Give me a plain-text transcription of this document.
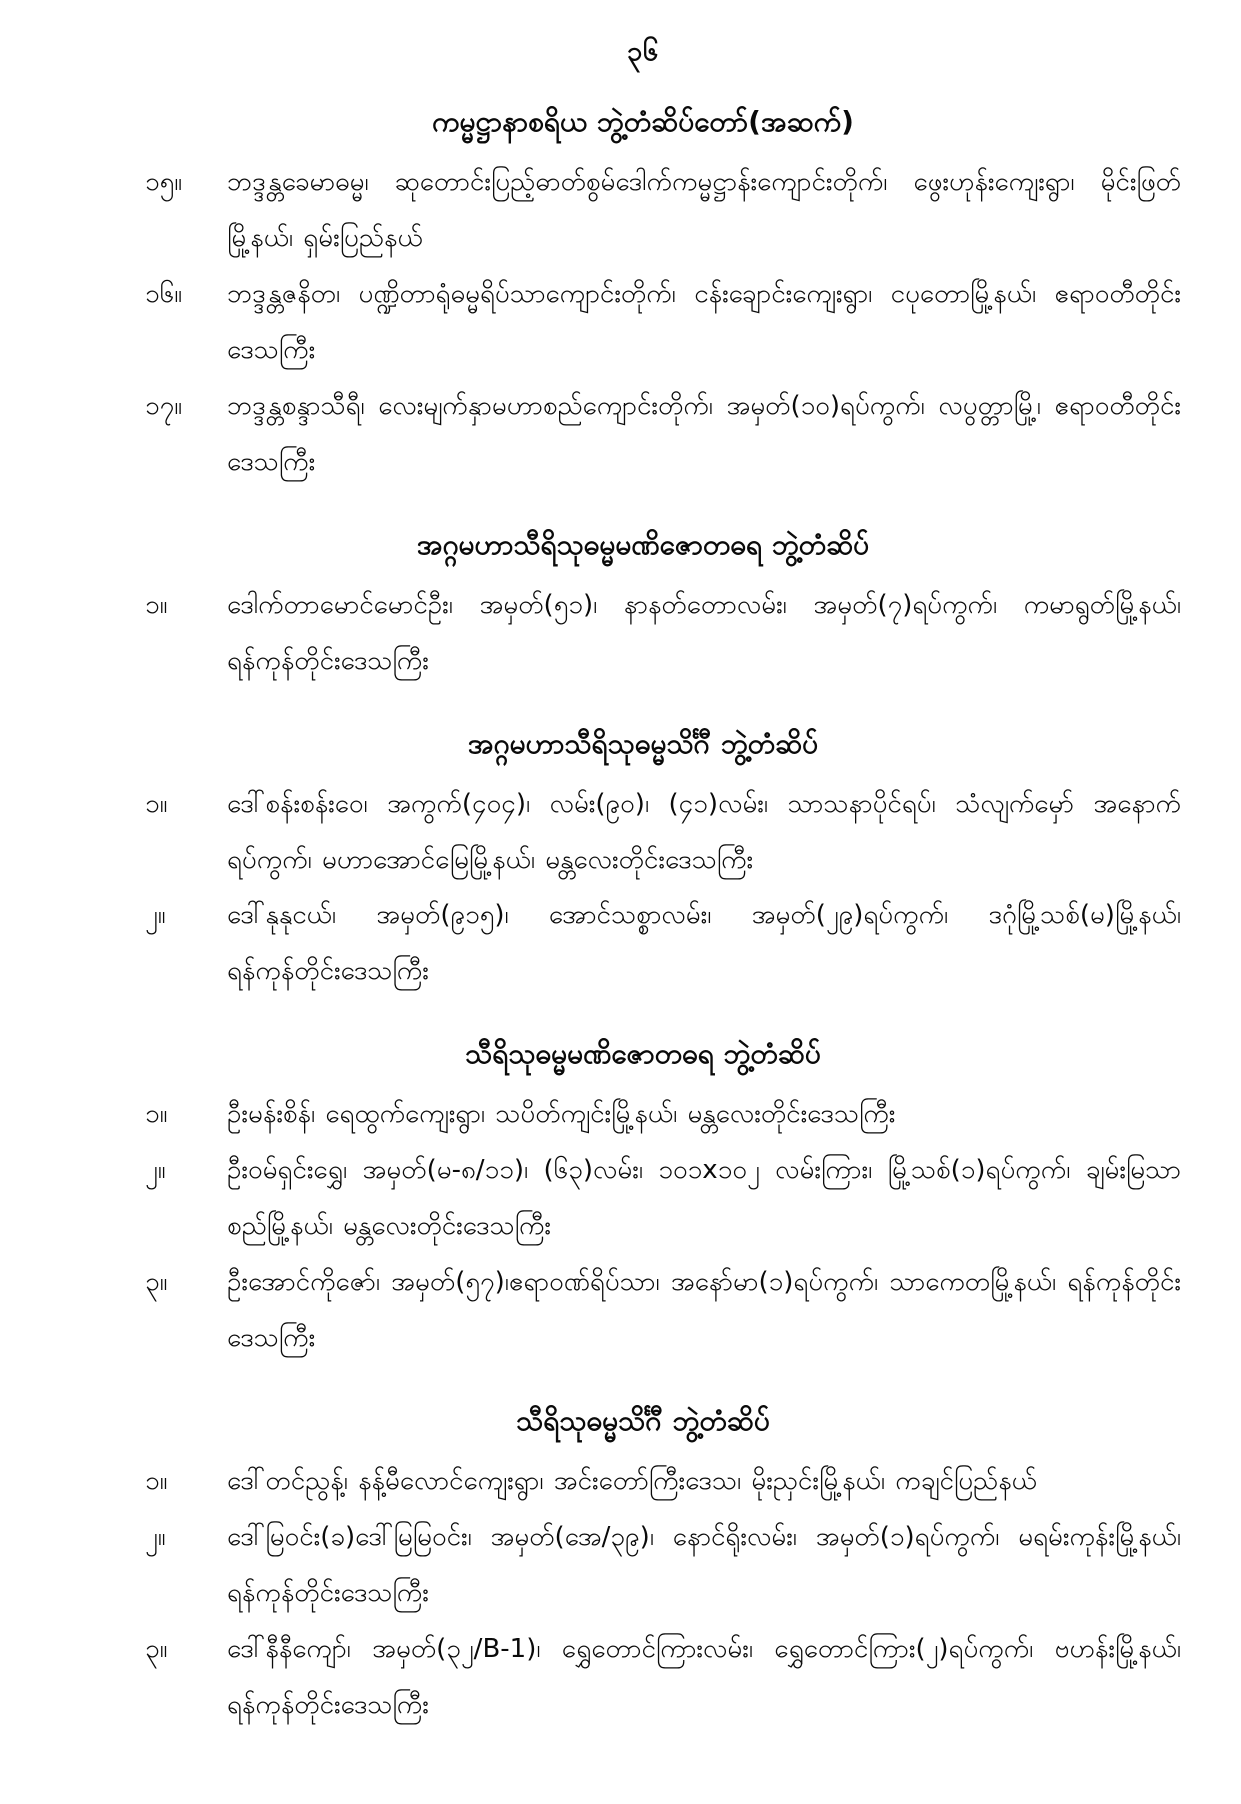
၃၆
ကမ္မဋ္ဌာနာစရိယ ဘွဲ့တံဆိပ်တော်(အဆက်)
၁၅။	ဘဒ္ဒန္တခေမာဓမ္မ၊ ဆုတောင်းပြည့်ဓာတ်စွမ်ဒေါက်ကမ္မဋ္ဌာန်းကျောင်းတိုက်၊ ဖွေးဟုန်းကျေးရွာ၊ မိုင်းဖြတ်မြို့နယ်၊ ရှမ်းပြည်နယ်
၁၆။	ဘဒ္ဒန္တဇနိတ၊ ပဏ္ဍိတာရုံဓမ္မရိပ်သာကျောင်းတိုက်၊ ငန်းချောင်းကျေးရွာ၊ ငပုတောမြို့နယ်၊ ဧရာဝတီတိုင်းဒေသကြီး
၁၇။	ဘဒ္ဒန္တစန္ဒာသီရီ၊ လေးမျက်နှာမဟာစည်ကျောင်းတိုက်၊ အမှတ်(၁၀)ရပ်ကွက်၊ လပွတ္တာမြို့၊ ဧရာဝတီတိုင်းဒေသကြီး
အဂ္ဂမဟာသီရိသုဓမ္မမဏိဇောတဓရ ဘွဲ့တံဆိပ်
၁။	ဒေါက်တာမောင်မောင်ဦး၊ အမှတ်(၅၁)၊ နာနတ်တောလမ်း၊ အမှတ်(၇)ရပ်ကွက်၊ ကမာရွတ်မြို့နယ်၊ ရန်ကုန်တိုင်းဒေသကြီး
အဂ္ဂမဟာသီရိသုဓမ္မသိင်္ဂီ ဘွဲ့တံဆိပ်
၁။	ဒေါ်စန်းစန်းဝေ၊ အကွက်(၄၀၄)၊ လမ်း(၉၀)၊ (၄၁)လမ်း၊ သာသနာပိုင်ရပ်၊ သံလျက်မှော် အနောက်ရပ်ကွက်၊ မဟာအောင်မြေမြို့နယ်၊ မန္တလေးတိုင်းဒေသကြီး
၂။	ဒေါ်နုနုငယ်၊ အမှတ်(၉၁၅)၊ အောင်သစ္စာလမ်း၊ အမှတ်(၂၉)ရပ်ကွက်၊ ဒဂုံမြို့သစ်(မ)မြို့နယ်၊ ရန်ကုန်တိုင်းဒေသကြီး
သီရိသုဓမ္မမဏိဇောတဓရ ဘွဲ့တံဆိပ်
၁။	ဦးမန်းစိန်၊ ရေထွက်ကျေးရွာ၊ သပိတ်ကျင်းမြို့နယ်၊ မန္တလေးတိုင်းဒေသကြီး
၂။	ဦးဝမ်ရှင်းရွှေ၊ အမှတ်(မ-၈/၁၁)၊ (၆၃)လမ်း၊ ၁၀၁x၁၀၂ လမ်းကြား၊ မြို့သစ်(၁)ရပ်ကွက်၊ ချမ်းမြသာစည်မြို့နယ်၊ မန္တလေးတိုင်းဒေသကြီး
၃။	ဦးအောင်ကိုဇော်၊ အမှတ်(၅၇)၊ဧရာဝဏ်ရိပ်သာ၊ အနော်မာ(၁)ရပ်ကွက်၊ သာကေတမြို့နယ်၊ ရန်ကုန်တိုင်းဒေသကြီး
သီရိသုဓမ္မသိင်္ဂီ ဘွဲ့တံဆိပ်
၁။	ဒေါ်တင်ညွန့်၊ နန့်မီလောင်ကျေးရွာ၊ အင်းတော်ကြီးဒေသ၊ မိုးညှင်းမြို့နယ်၊ ကချင်ပြည်နယ်
၂။	ဒေါ်မြဝင်း(ခ)ဒေါ်မြမြဝင်း၊ အမှတ်(အေ/၃၉)၊ နောင်ရိုးလမ်း၊ အမှတ်(၁)ရပ်ကွက်၊ မရမ်းကုန်းမြို့နယ်၊ ရန်ကုန်တိုင်းဒေသကြီး
၃။	ဒေါ်နီနီကျော်၊ အမှတ်(၃၂/B-1)၊ ရွှေတောင်ကြားလမ်း၊ ရွှေတောင်ကြား(၂)ရပ်ကွက်၊ ဗဟန်းမြို့နယ်၊ ရန်ကုန်တိုင်းဒေသကြီး
